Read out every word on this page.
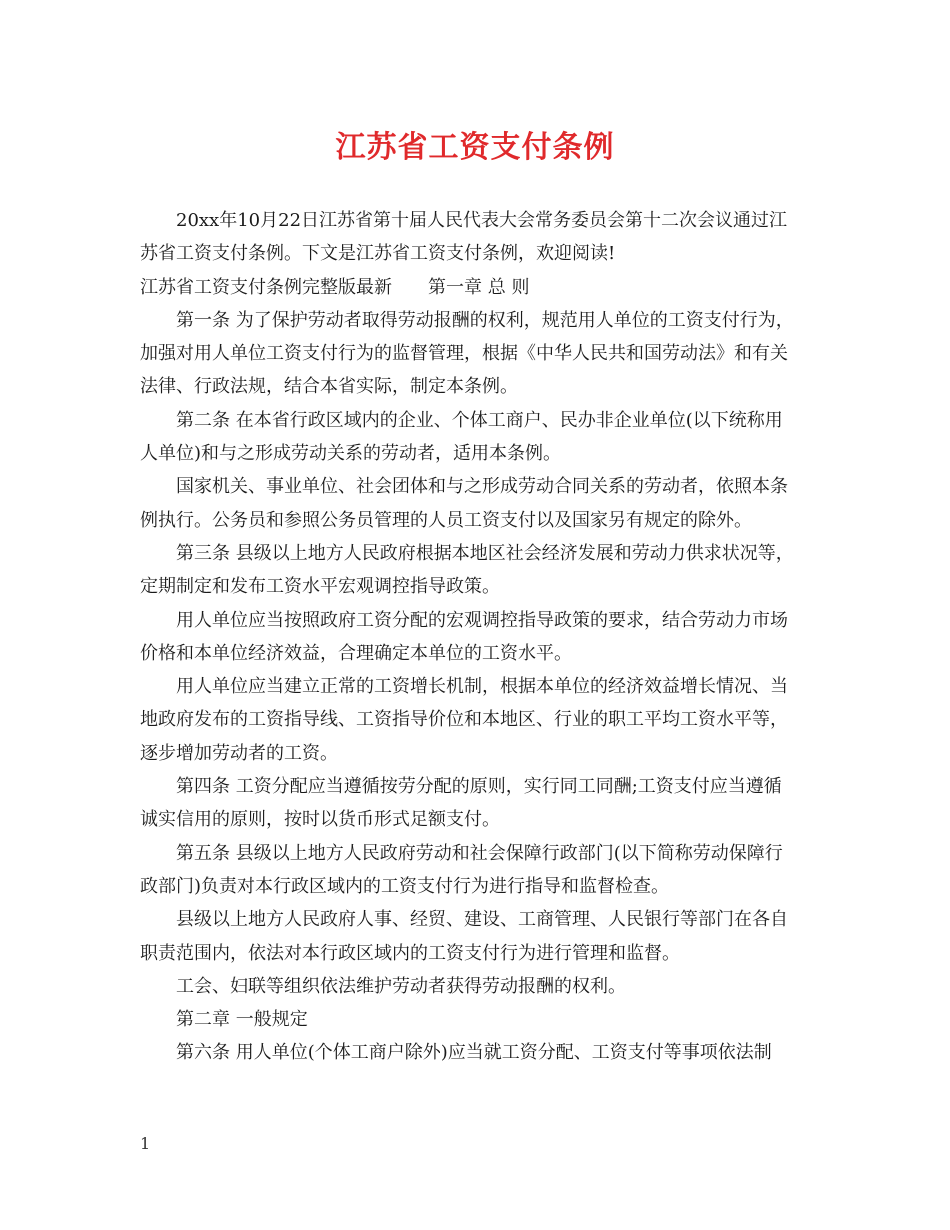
江苏省工资支付条例
20xx年10月22日江苏省第十届人民代表大会常务委员会第十二次会议通过江
苏省工资支付条例。下文是江苏省工资支付条例，欢迎阅读!
江苏省工资支付条例完整版最新　　第一章 总 则
第一条 为了保护劳动者取得劳动报酬的权利，规范用人单位的工资支付行为，
加强对用人单位工资支付行为的监督管理，根据《中华人民共和国劳动法》和有关
法律、行政法规，结合本省实际，制定本条例。
第二条 在本省行政区域内的企业、个体工商户、民办非企业单位(以下统称用
人单位)和与之形成劳动关系的劳动者，适用本条例。
国家机关、事业单位、社会团体和与之形成劳动合同关系的劳动者，依照本条
例执行。公务员和参照公务员管理的人员工资支付以及国家另有规定的除外。
第三条 县级以上地方人民政府根据本地区社会经济发展和劳动力供求状况等，
定期制定和发布工资水平宏观调控指导政策。
用人单位应当按照政府工资分配的宏观调控指导政策的要求，结合劳动力市场
价格和本单位经济效益，合理确定本单位的工资水平。
用人单位应当建立正常的工资增长机制，根据本单位的经济效益增长情况、当
地政府发布的工资指导线、工资指导价位和本地区、行业的职工平均工资水平等，
逐步增加劳动者的工资。
第四条 工资分配应当遵循按劳分配的原则，实行同工同酬;工资支付应当遵循
诚实信用的原则，按时以货币形式足额支付。
第五条 县级以上地方人民政府劳动和社会保障行政部门(以下简称劳动保障行
政部门)负责对本行政区域内的工资支付行为进行指导和监督检查。
县级以上地方人民政府人事、经贸、建设、工商管理、人民银行等部门在各自
职责范围内，依法对本行政区域内的工资支付行为进行管理和监督。
工会、妇联等组织依法维护劳动者获得劳动报酬的权利。
第二章 一般规定
第六条 用人单位(个体工商户除外)应当就工资分配、工资支付等事项依法制
1
